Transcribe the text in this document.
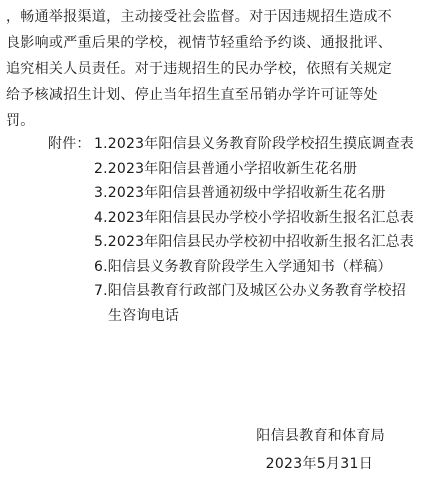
，畅通举报渠道，主动接受社会监督。对于因违规招生造成不
良影响或严重后果的学校，视情节轻重给予约谈、通报批评、
追究相关人员责任。对于违规招生的民办学校，依照有关规定
给予核减招生计划、停止当年招生直至吊销办学许可证等处
罚。
附件： 1.2023年阳信县义务教育阶段学校招生摸底调查表
2.2023年阳信县普通小学招收新生花名册
3.2023年阳信县普通初级中学招收新生花名册
4.2023年阳信县民办学校小学招收新生报名汇总表
5.2023年阳信县民办学校初中招收新生报名汇总表
6.阳信县义务教育阶段学生入学通知书（样稿）
7.阳信县教育行政部门及城区公办义务教育学校招
生咨询电话
阳信县教育和体育局
2023年5月31日
